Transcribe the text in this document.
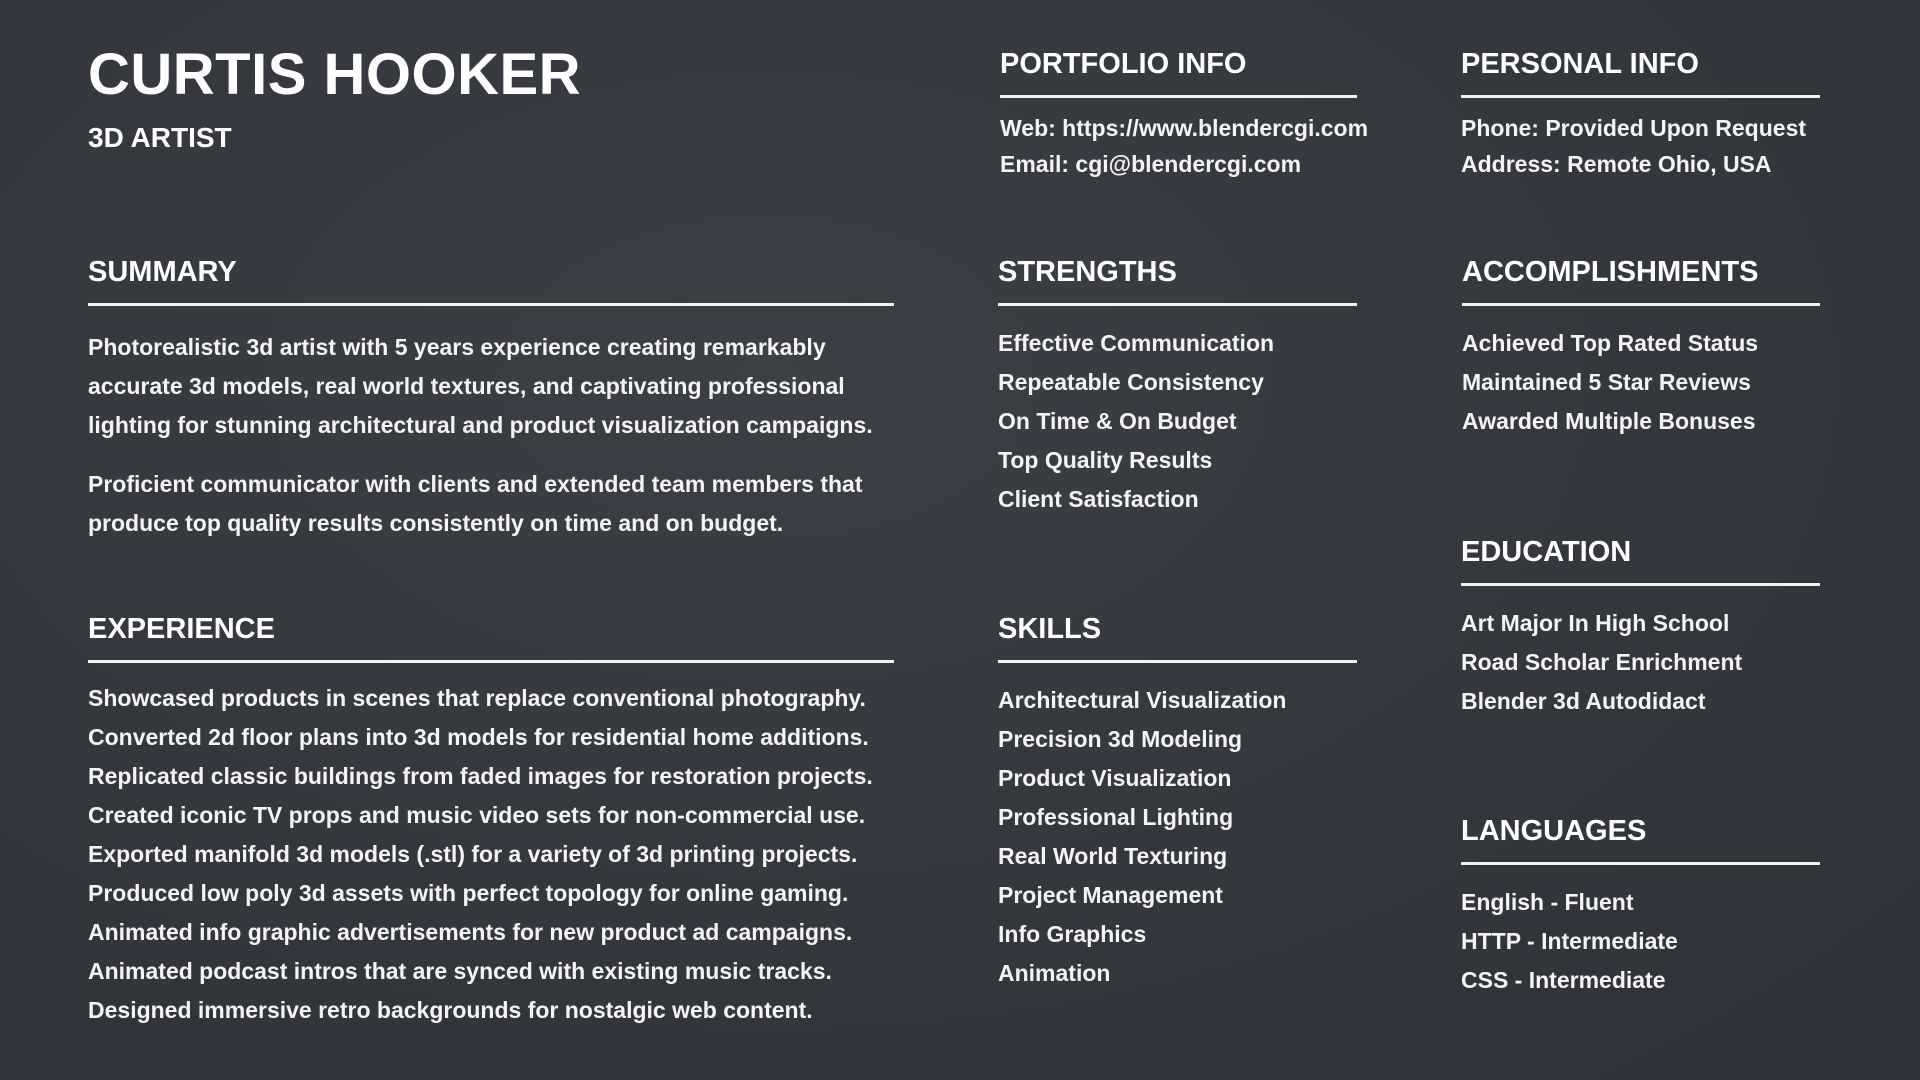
CURTIS HOOKER
3D ARTIST
PORTFOLIO INFO
Web: https://www.blendercgi.com
Email: cgi@blendercgi.com
PERSONAL INFO
Phone: Provided Upon Request
Address: Remote Ohio, USA
SUMMARY

Photorealistic 3d artist with 5 years experience creating remarkably accurate 3d models, real world textures, and captivating professional lighting for stunning architectural and product visualization campaigns.

Proficient communicator with clients and extended team members that produce top quality results consistently on time and on budget.

STRENGTHS
Effective Communication
Repeatable Consistency
On Time & On Budget
Top Quality Results
Client Satisfaction
ACCOMPLISHMENTS
Achieved Top Rated Status
Maintained 5 Star Reviews
Awarded Multiple Bonuses
EXPERIENCE
Showcased products in scenes that replace conventional photography.
Converted 2d floor plans into 3d models for residential home additions.
Replicated classic buildings from faded images for restoration projects.
Created iconic TV props and music video sets for non-commercial use.
Exported manifold 3d models (.stl) for a variety of 3d printing projects.
Produced low poly 3d assets with perfect topology for online gaming.
Animated info graphic advertisements for new product ad campaigns.
Animated podcast intros that are synced with existing music tracks.
Designed immersive retro backgrounds for nostalgic web content.
SKILLS
Architectural Visualization
Precision 3d Modeling
Product Visualization
Professional Lighting
Real World Texturing
Project Management
Info Graphics
Animation
EDUCATION
Art Major In High School
Road Scholar Enrichment
Blender 3d Autodidact
LANGUAGES
English - Fluent
HTTP - Intermediate
CSS - Intermediate
